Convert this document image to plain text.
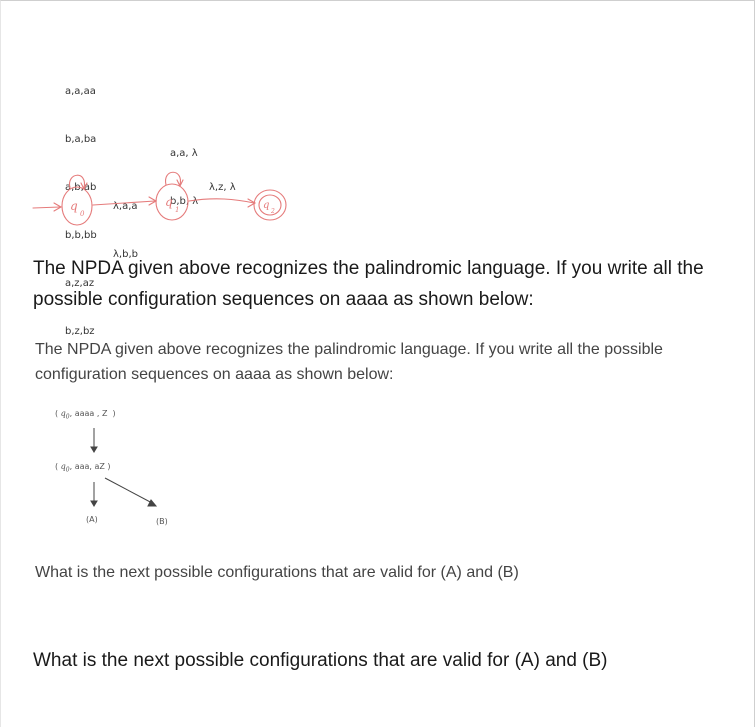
a,a,aa

b,a,ba

a,b,ab

b,b,bb

a,z,az

b,z,bz

λ,a,a

λ,b,b

a,a, λ

b,b, λ

λ,z, λ
q
0
q
1	q
2
The NPDA given above recognizes the palindromic language. If you write all the possible configuration sequences on aaaa as shown below:
The NPDA given above recognizes the palindromic language. If you write all the possible configuration sequences on aaaa as shown below:
( $q_0$, aaaa , Z  )
( $q_0$, aaa, aZ )
(A)	(B)
What is the next possible configurations that are valid for (A) and (B)
What is the next possible configurations that are valid for (A) and (B)
